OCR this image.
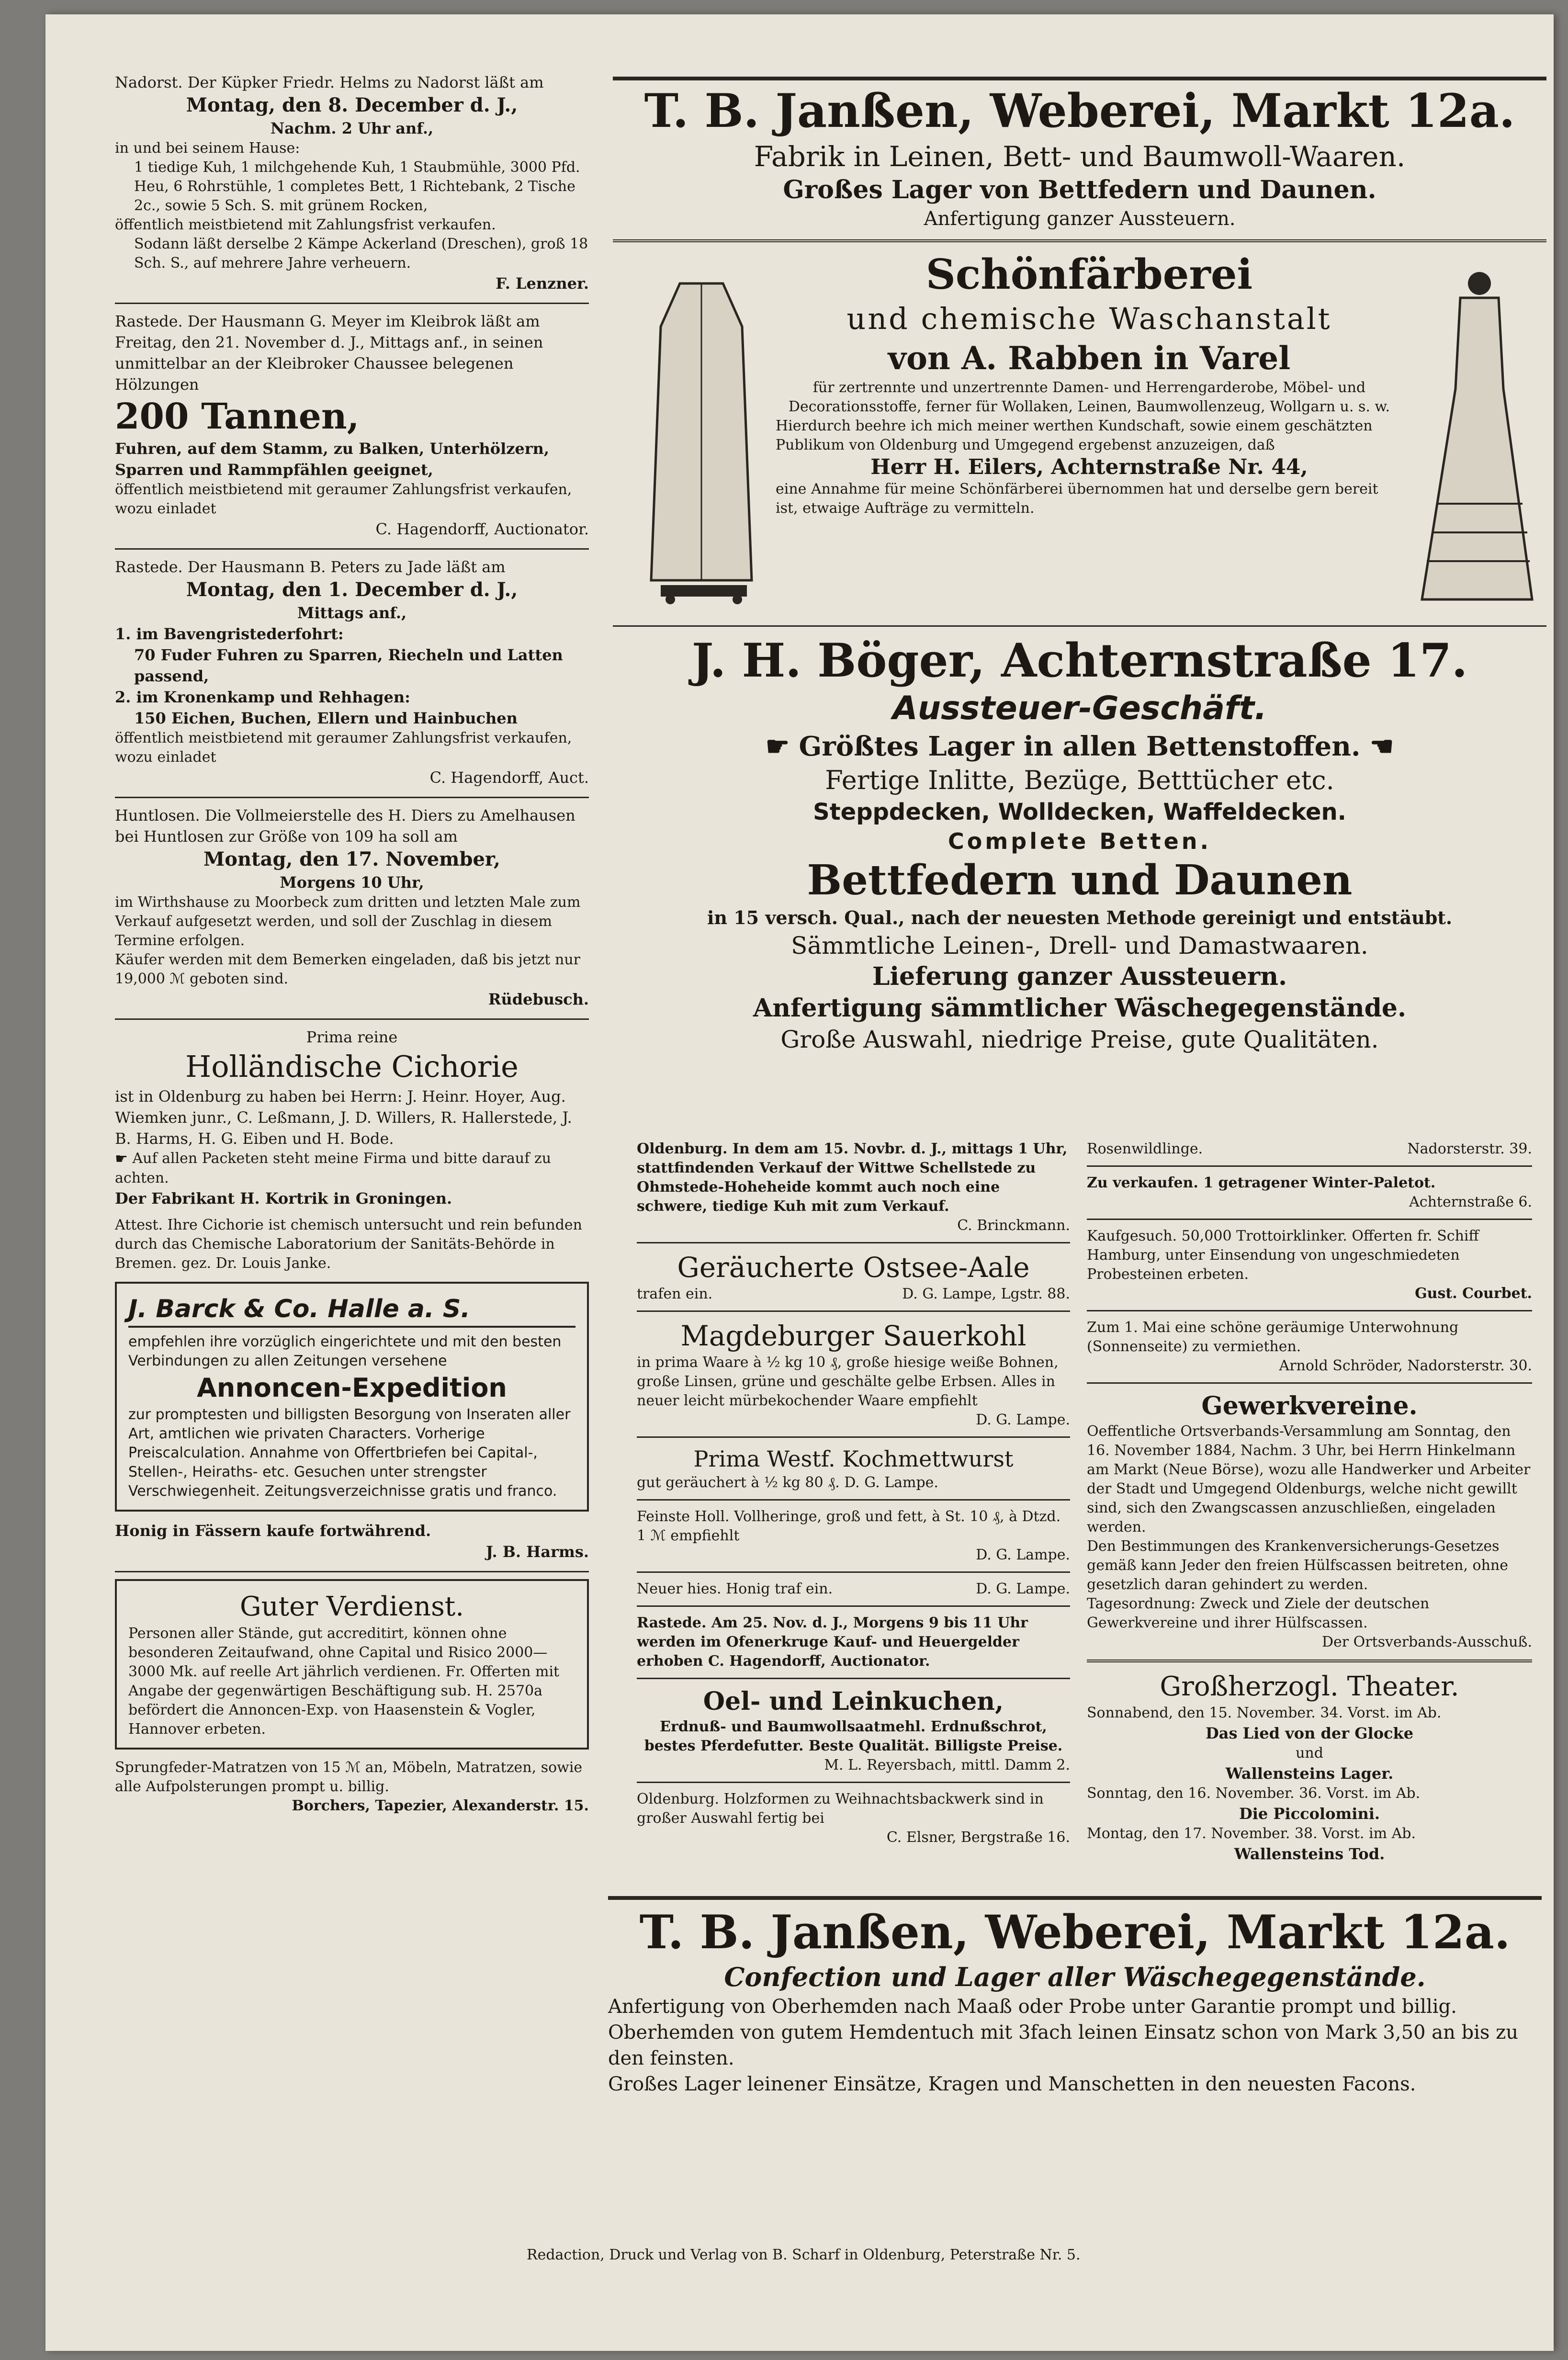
Nadorst. Der Küpker Friedr. Helms zu Nadorst läßt am

Montag, den 8. December d. J.,

Nachm. 2 Uhr anf.,

in und bei seinem Hause:

1 tiedige Kuh, 1 milchgehende Kuh, 1 Staubmühle, 3000 Pfd. Heu, 6 Rohrstühle, 1 completes Bett, 1 Richtebank, 2 Tische 2c., sowie 5 Sch. S. mit grünem Rocken,

öffentlich meistbietend mit Zahlungsfrist verkaufen.

Sodann läßt derselbe 2 Kämpe Ackerland (Dreschen), groß 18 Sch. S., auf mehrere Jahre verheuern.

F. Lenzner.

Rastede. Der Hausmann G. Meyer im Kleibrok läßt am Freitag, den 21. November d. J., Mittags anf., in seinen unmittelbar an der Kleibroker Chaussee belegenen Hölzungen

200 Tannen,

Fuhren, auf dem Stamm, zu Balken, Unterhölzern, Sparren und Rammpfählen geeignet,

öffentlich meistbietend mit geraumer Zahlungsfrist verkaufen, wozu einladet

C. Hagendorff, Auctionator.

Rastede. Der Hausmann B. Peters zu Jade läßt am

Montag, den 1. December d. J.,

Mittags anf.,

1. im Bavengristederfohrt:

70 Fuder Fuhren zu Sparren, Riecheln und Latten passend,

2. im Kronenkamp und Rehhagen:

150 Eichen, Buchen, Ellern und Hainbuchen

öffentlich meistbietend mit geraumer Zahlungsfrist verkaufen, wozu einladet

C. Hagendorff, Auct.

Huntlosen. Die Vollmeierstelle des H. Diers zu Amelhausen bei Huntlosen zur Größe von 109 ha soll am

Montag, den 17. November,

Morgens 10 Uhr,

im Wirthshause zu Moorbeck zum dritten und letzten Male zum Verkauf aufgesetzt werden, und soll der Zuschlag in diesem Termine erfolgen.

Käufer werden mit dem Bemerken eingeladen, daß bis jetzt nur 19,000 ℳ geboten sind.

Rüdebusch.

Prima reine

Holländische Cichorie

ist in Oldenburg zu haben bei Herrn: J. Heinr. Hoyer, Aug. Wiemken junr., C. Leßmann, J. D. Willers, R. Hallerstede, J. B. Harms, H. G. Eiben und H. Bode.

☛ Auf allen Packeten steht meine Firma und bitte darauf zu achten.

Der Fabrikant H. Kortrik in Groningen.

Attest. Ihre Cichorie ist chemisch untersucht und rein befunden durch das Chemische Laboratorium der Sanitäts-Behörde in Bremen. gez. Dr. Louis Janke.

J. Barck & Co. Halle a. S.

empfehlen ihre vorzüglich eingerichtete und mit den besten Verbindungen zu allen Zeitungen versehene

Annoncen-Expedition

zur promptesten und billigsten Besorgung von Inseraten aller Art, amtlichen wie privaten Characters. Vorherige Preiscalculation. Annahme von Offertbriefen bei Capital-, Stellen-, Heiraths- etc. Gesuchen unter strengster Verschwiegenheit. Zeitungsverzeichnisse gratis und franco.

Honig in Fässern kaufe fortwährend.

J. B. Harms.

Guter Verdienst.

Personen aller Stände, gut accreditirt, können ohne besonderen Zeitaufwand, ohne Capital und Risico 2000—3000 Mk. auf reelle Art jährlich verdienen. Fr. Offerten mit Angabe der gegenwärtigen Beschäftigung sub. H. 2570a befördert die Annoncen-Exp. von Haasenstein & Vogler, Hannover erbeten.

Sprungfeder-Matratzen von 15 ℳ an, Möbeln, Matratzen, sowie alle Aufpolsterungen prompt u. billig.

Borchers, Tapezier, Alexanderstr. 15.

T. B. Janßen, Weberei, Markt 12a.

Fabrik in Leinen, Bett- und Baumwoll-Waaren.

Großes Lager von Bettfedern und Daunen.

Anfertigung ganzer Aussteuern.

Schönfärberei

und chemische Waschanstalt

von A. Rabben in Varel

für zertrennte und unzertrennte Damen- und Herrengarderobe, Möbel- und Decorationsstoffe, ferner für Wollaken, Leinen, Baumwollenzeug, Wollgarn u. s. w.

Hierdurch beehre ich mich meiner werthen Kundschaft, sowie einem geschätzten Publikum von Oldenburg und Umgegend ergebenst anzuzeigen, daß

Herr H. Eilers, Achternstraße Nr. 44,

eine Annahme für meine Schönfärberei übernommen hat und derselbe gern bereit ist, etwaige Aufträge zu vermitteln.

J. H. Böger, Achternstraße 17.

Aussteuer-Geschäft.

☛ Größtes Lager in allen Bettenstoffen. ☚

Fertige Inlitte, Bezüge, Betttücher etc.

Steppdecken, Wolldecken, Waffeldecken.

Complete Betten.

Bettfedern und Daunen

in 15 versch. Qual., nach der neuesten Methode gereinigt und entstäubt.

Sämmtliche Leinen-, Drell- und Damastwaaren.

Lieferung ganzer Aussteuern.

Anfertigung sämmtlicher Wäschegegenstände.

Große Auswahl, niedrige Preise, gute Qualitäten.

Oldenburg. In dem am 15. Novbr. d. J., mittags 1 Uhr, stattfindenden Verkauf der Wittwe Schellstede zu Ohmstede-Hoheheide kommt auch noch eine schwere, tiedige Kuh mit zum Verkauf.

C. Brinckmann.

Geräucherte Ostsee-Aale

trafen ein.	D. G. Lampe, Lgstr. 88.

Magdeburger Sauerkohl

in prima Waare à ½ kg 10 ₰, große hiesige weiße Bohnen, große Linsen, grüne und geschälte gelbe Erbsen. Alles in neuer leicht mürbekochender Waare empfiehlt

D. G. Lampe.

Prima Westf. Kochmettwurst

gut geräuchert à ½ kg 80 ₰. D. G. Lampe.

Feinste Holl. Vollheringe, groß und fett, à St. 10 ₰, à Dtzd. 1 ℳ empfiehlt

D. G. Lampe.

Neuer hies. Honig traf ein.	D. G. Lampe.

Rastede. Am 25. Nov. d. J., Morgens 9 bis 11 Uhr werden im Ofenerkruge Kauf- und Heuergelder erhoben C. Hagendorff, Auctionator.

Oel- und Leinkuchen,

Erdnuß- und Baumwollsaatmehl. Erdnußschrot, bestes Pferdefutter. Beste Qualität. Billigste Preise.

M. L. Reyersbach, mittl. Damm 2.

Oldenburg. Holzformen zu Weihnachtsbackwerk sind in großer Auswahl fertig bei

C. Elsner, Bergstraße 16.

Rosenwildlinge.	Nadorsterstr. 39.

Zu verkaufen. 1 getragener Winter-Paletot.

Achternstraße 6.

Kaufgesuch. 50,000 Trottoirklinker. Offerten fr. Schiff Hamburg, unter Einsendung von ungeschmiedeten Probesteinen erbeten.

Gust. Courbet.

Zum 1. Mai eine schöne geräumige Unterwohnung (Sonnenseite) zu vermiethen.

Arnold Schröder, Nadorsterstr. 30.

Gewerkvereine.

Oeffentliche Ortsverbands-Versammlung am Sonntag, den 16. November 1884, Nachm. 3 Uhr, bei Herrn Hinkelmann am Markt (Neue Börse), wozu alle Handwerker und Arbeiter der Stadt und Umgegend Oldenburgs, welche nicht gewillt sind, sich den Zwangscassen anzuschließen, eingeladen werden.

Den Bestimmungen des Krankenversicherungs-Gesetzes gemäß kann Jeder den freien Hülfscassen beitreten, ohne gesetzlich daran gehindert zu werden.

Tagesordnung: Zweck und Ziele der deutschen Gewerkvereine und ihrer Hülfscassen.

Der Ortsverbands-Ausschuß.

Großherzogl. Theater.

Sonnabend, den 15. November. 34. Vorst. im Ab.

Das Lied von der Glocke

und

Wallensteins Lager.

Sonntag, den 16. November. 36. Vorst. im Ab.

Die Piccolomini.

Montag, den 17. November. 38. Vorst. im Ab.

Wallensteins Tod.

T. B. Janßen, Weberei, Markt 12a.

Confection und Lager aller Wäschegegenstände.

Anfertigung von Oberhemden nach Maaß oder Probe unter Garantie prompt und billig.

Oberhemden von gutem Hemdentuch mit 3fach leinen Einsatz schon von Mark 3,50 an bis zu den feinsten.

Großes Lager leinener Einsätze, Kragen und Manschetten in den neuesten Facons.

Redaction, Druck und Verlag von B. Scharf in Oldenburg, Peterstraße Nr. 5.
